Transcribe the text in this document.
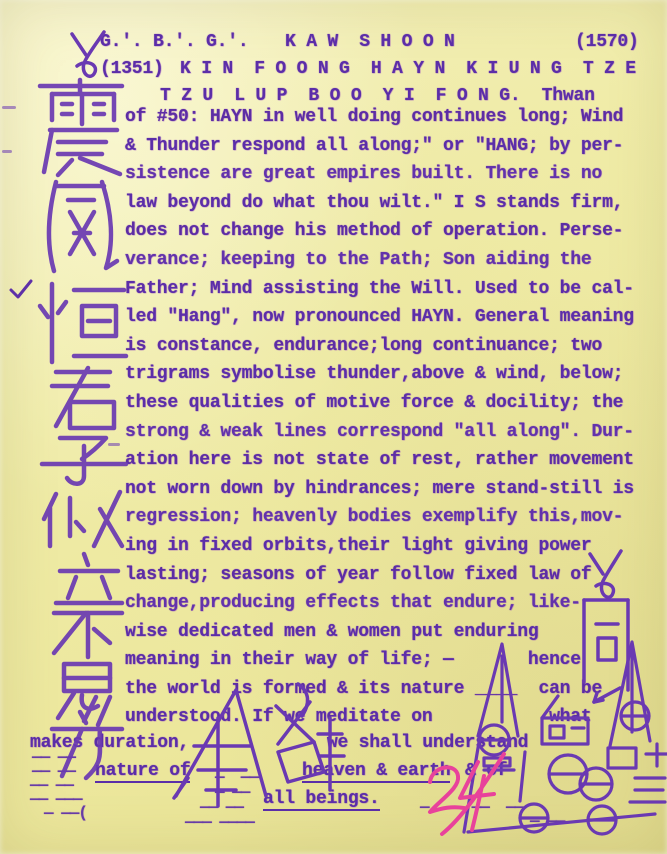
G.'. B.'. G.'. K A W  S H O O N	(1570)
(1351) K I N  F O O N G  H A Y N  K I U N G  T Z E
T Z U  L U P  B O O  Y I  F O N G.  Thwan
of #50: HAYN in well doing continues long; Wind
& Thunder respond all along;" or "HANG; by per-
sistence are great empires built. There is no
law beyond do what thou wilt." I S stands firm,
does not change his method of operation. Perse-
verance; keeping to the Path; Son aiding the
Father; Mind assisting the Will. Used to be cal-
led "Hang", now pronounced HAYN. General meaning
is constance, endurance;long continuance; two
trigrams symbolise thunder,above & wind, below;
these qualities of motive force & docility; the
strong & weak lines correspond "all along". Dur-
ation here is not state of rest, rather movement
not worn down by hindrances; mere stand-still is
regression; heavenly bodies exemplify this,mov-
ing in fixed orbits,their light giving power
lasting; seasons of year follow fixed law of
change,producing effects that endure; like-
wise dedicated men & women put enduring
meaning in their way of life; —       hence
the world is formed & its nature ____  can be
understood. If we meditate on           what
makes duration,             we shall understand
nature of	heaven & earth & of
all beings.
—— ——
—— ——
—— ——
—— ———
— ——(
—  ——
— ——
—— ——
——— ————
—  —  ——  ——
— ——
